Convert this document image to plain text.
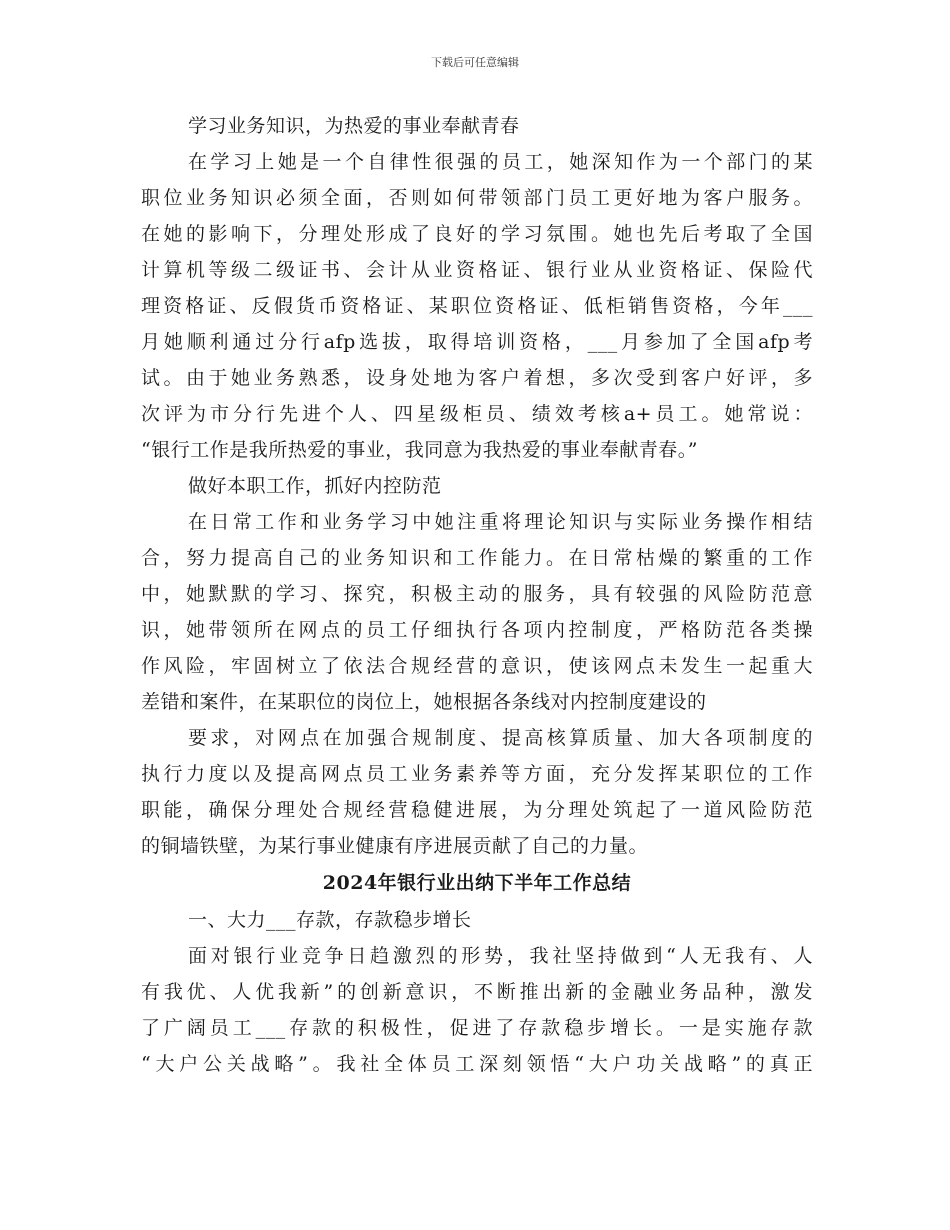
下载后可任意编辑
学习业务知识，为热爱的事业奉献青春
在学习上她是一个自律性很强的员工，她深知作为一个部门的某
职位业务知识必须全面，否则如何带领部门员工更好地为客户服务。
在她的影响下，分理处形成了良好的学习氛围。她也先后考取了全国
计算机等级二级证书、会计从业资格证、银行业从业资格证、保险代
理资格证、反假货币资格证、某职位资格证、低柜销售资格，今年___
月她顺利通过分行afp选拔，取得培训资格，___月参加了全国afp考
试。由于她业务熟悉，设身处地为客户着想，多次受到客户好评，多
次评为市分行先进个人、四星级柜员、绩效考核a+员工。她常说：
“银行工作是我所热爱的事业，我同意为我热爱的事业奉献青春。”
做好本职工作，抓好内控防范
在日常工作和业务学习中她注重将理论知识与实际业务操作相结
合，努力提高自己的业务知识和工作能力。在日常枯燥的繁重的工作
中，她默默的学习、探究，积极主动的服务，具有较强的风险防范意
识，她带领所在网点的员工仔细执行各项内控制度，严格防范各类操
作风险，牢固树立了依法合规经营的意识，使该网点未发生一起重大
差错和案件，在某职位的岗位上，她根据各条线对内控制度建设的
要求，对网点在加强合规制度、提高核算质量、加大各项制度的
执行力度以及提高网点员工业务素养等方面，充分发挥某职位的工作
职能，确保分理处合规经营稳健进展，为分理处筑起了一道风险防范
的铜墙铁壁，为某行事业健康有序进展贡献了自己的力量。
2024年银行业出纳下半年工作总结
一、大力___存款，存款稳步增长
面对银行业竞争日趋激烈的形势，我社坚持做到“人无我有、人
有我优、人优我新”的创新意识，不断推出新的金融业务品种，激发
了广阔员工___存款的积极性，促进了存款稳步增长。一是实施存款
“大户公关战略”。我社全体员工深刻领悟“大户功关战略”的真正
